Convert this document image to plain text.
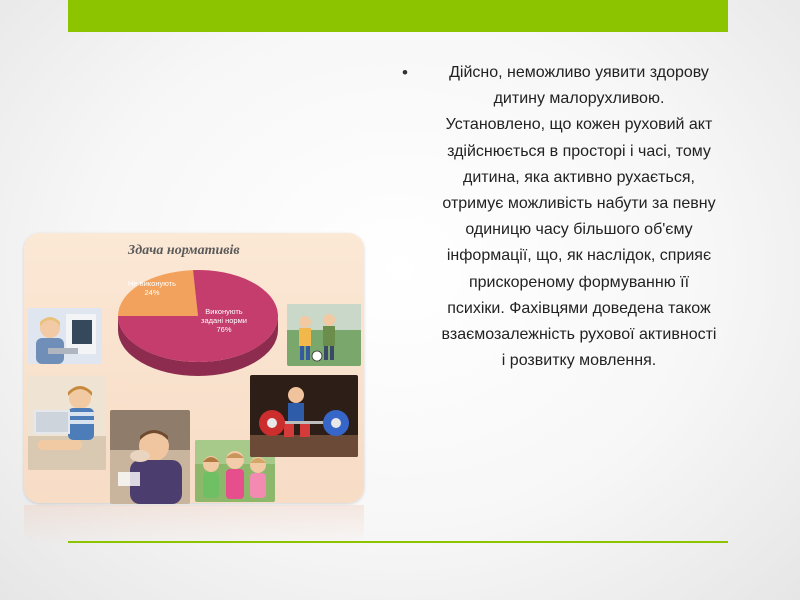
•	Дійсно, неможливо уявити здорову
дитину малорухливою.
Установлено, що кожен руховий акт
здійснюється в просторі і часі, тому
дитина, яка активно рухається,
отримує можливість набути за певну
одиницю часу більшого об'єму
інформації, що, як наслідок, сприяє
прискореному формуванню її
психіки. Фахівцями доведена також
взаємозалежність рухової активності
і розвитку мовлення.

Здача нормативів
Не виконують 24%
Виконують задані норми 76%
